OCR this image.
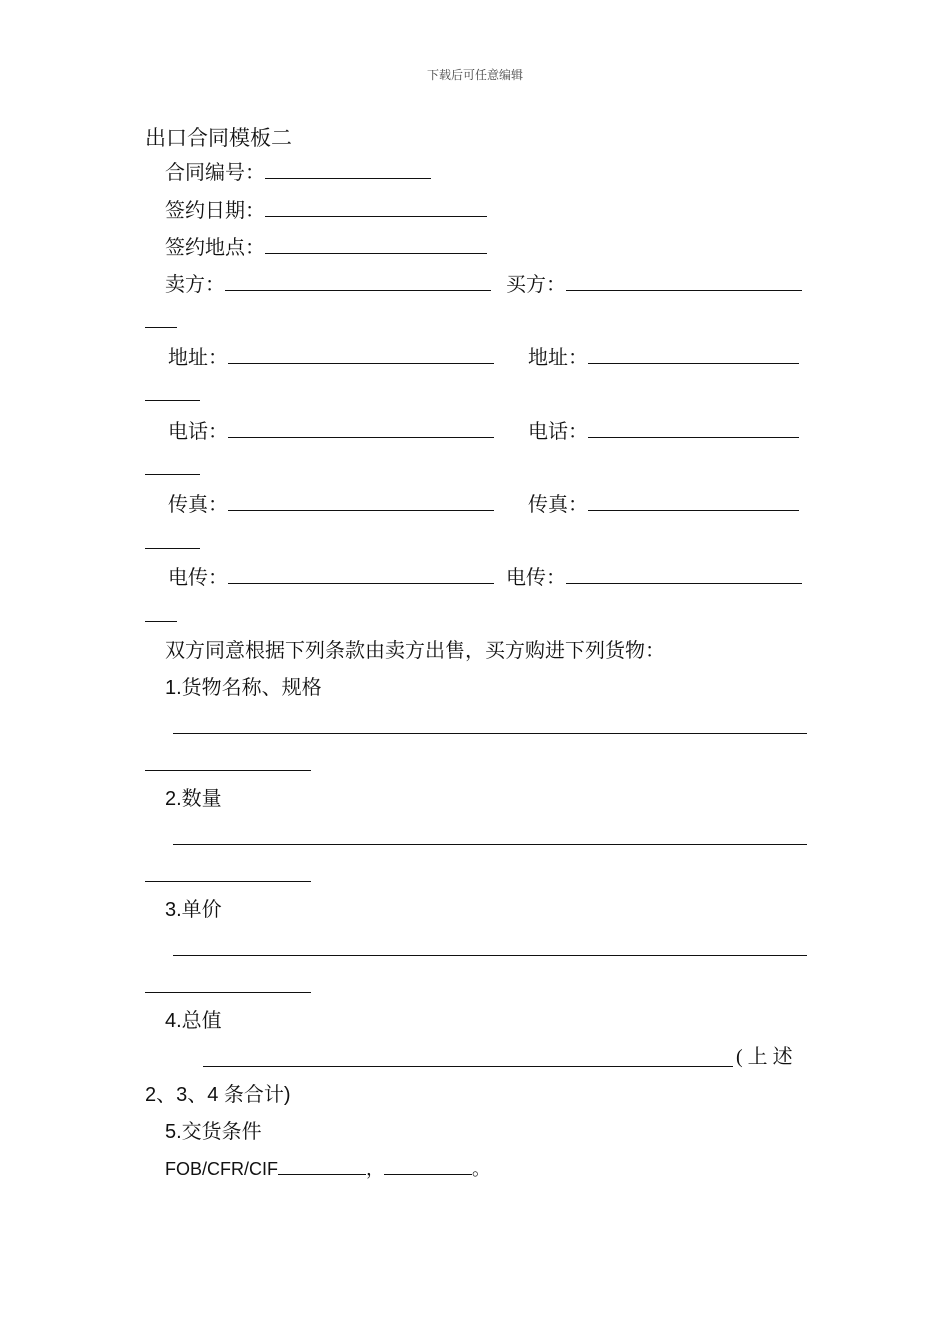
下载后可任意编辑
出口合同模板二
合同编号：
签约日期：
签约地点：
卖方：	买方：
地址：	地址：
电话：	电话：
传真：	传真：
电传：	电传：
双方同意根据下列条款由卖方出售，买方购进下列货物：
1.货物名称、规格
2.数量
3.单价
4.总值
( 上 述
2、3、4 条合计)
5.交货条件
FOB/CFR/CIF	，	。
